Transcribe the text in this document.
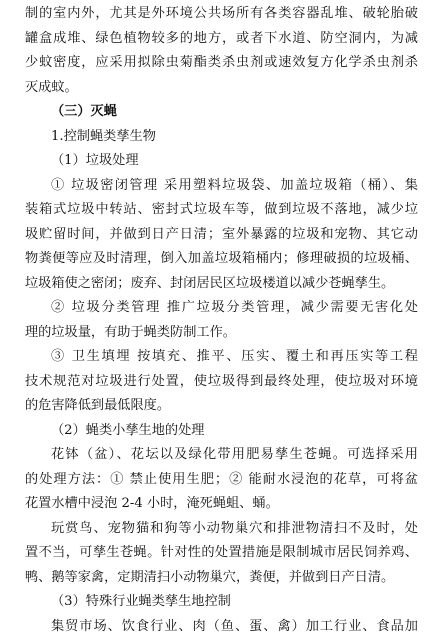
制的室内外，尤其是外环境公共场所有各类容器乱堆、破轮胎破
罐盒成堆、绿色植物较多的地方，或者下水道、防空洞内，为减
少蚊密度，应采用拟除虫菊酯类杀虫剂或速效复方化学杀虫剂杀
灭成蚊。
（三）灭蝇
1.控制蝇类孳生物
（1）垃圾处理
① 垃圾密闭管理 采用塑料垃圾袋、加盖垃圾箱（桶）、集
装箱式垃圾中转站、密封式垃圾车等，做到垃圾不落地，减少垃
圾贮留时间，并做到日产日清；室外暴露的垃圾和宠物、其它动
物粪便等应及时清理，倒入加盖垃圾箱桶内；修理破损的垃圾桶、
垃圾箱使之密闭；废弃、封闭居民区垃圾楼道以减少苍蝇孳生。
② 垃圾分类管理 推广垃圾分类管理，减少需要无害化处
理的垃圾量，有助于蝇类防制工作。
③ 卫生填埋 按填充、推平、压实、覆土和再压实等工程
技术规范对垃圾进行处置，使垃圾得到最终处理，使垃圾对环境
的危害降低到最低限度。
（2）蝇类小孳生地的处理
花钵（盆）、花坛以及绿化带用肥易孳生苍蝇。可选择采用
的处理方法：① 禁止使用生肥；② 能耐水浸泡的花草，可将盆
花置水槽中浸泡 2-4 小时，淹死蝇蛆、蛹。
玩赏鸟、宠物猫和狗等小动物巢穴和排泄物清扫不及时，处
置不当，可孳生苍蝇。针对性的处置措施是限制城市居民饲养鸡、
鸭、鹅等家禽，定期清扫小动物巢穴，粪便，并做到日产日清。
（3）特殊行业蝇类孳生地控制
集贸市场、饮食行业、肉（鱼、蛋、禽）加工行业、食品加
